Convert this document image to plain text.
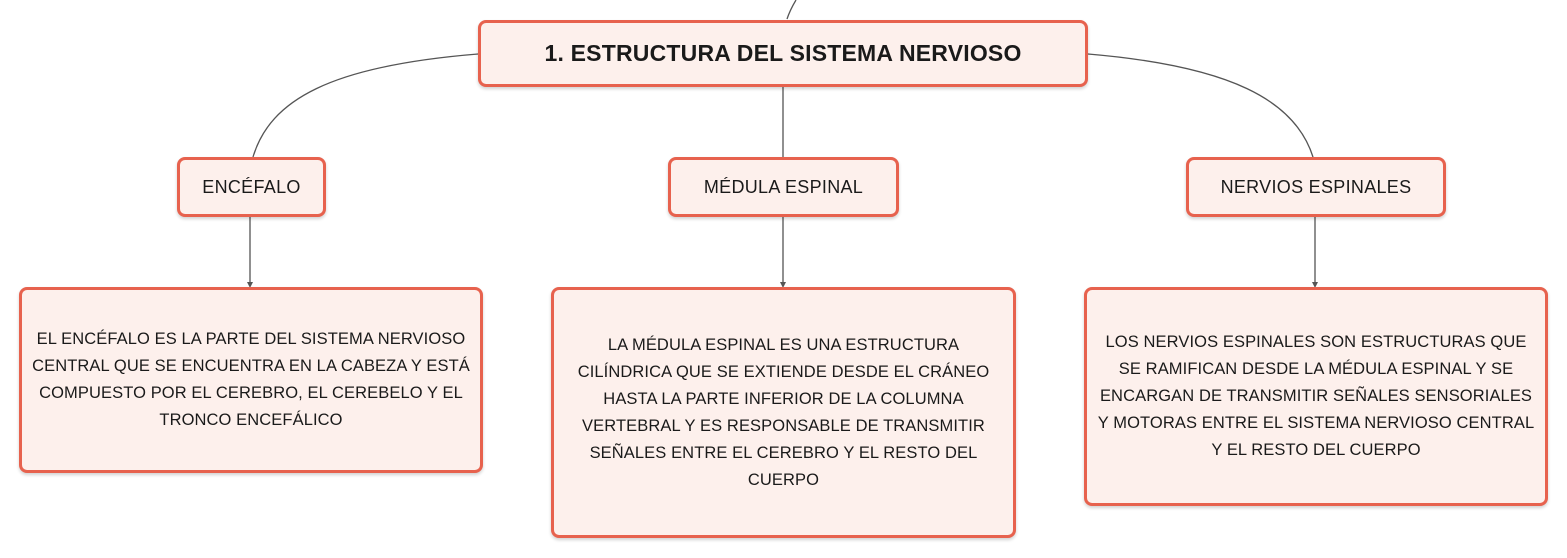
1. ESTRUCTURA DEL SISTEMA NERVIOSO
ENCÉFALO	MÉDULA ESPINAL	NERVIOS ESPINALES
EL ENCÉFALO ES LA PARTE DEL SISTEMA NERVIOSO CENTRAL QUE SE ENCUENTRA EN LA CABEZA Y ESTÁ COMPUESTO POR EL CEREBRO, EL CEREBELO Y EL TRONCO ENCEFÁLICO
LA MÉDULA ESPINAL ES UNA ESTRUCTURA CILÍNDRICA QUE SE EXTIENDE DESDE EL CRÁNEO HASTA LA PARTE INFERIOR DE LA COLUMNA VERTEBRAL Y ES RESPONSABLE DE TRANSMITIR SEÑALES ENTRE EL CEREBRO Y EL RESTO DEL CUERPO
LOS NERVIOS ESPINALES SON ESTRUCTURAS QUE SE RAMIFICAN DESDE LA MÉDULA ESPINAL Y SE ENCARGAN DE TRANSMITIR SEÑALES SENSORIALES Y MOTORAS ENTRE EL SISTEMA NERVIOSO CENTRAL Y EL RESTO DEL CUERPO
